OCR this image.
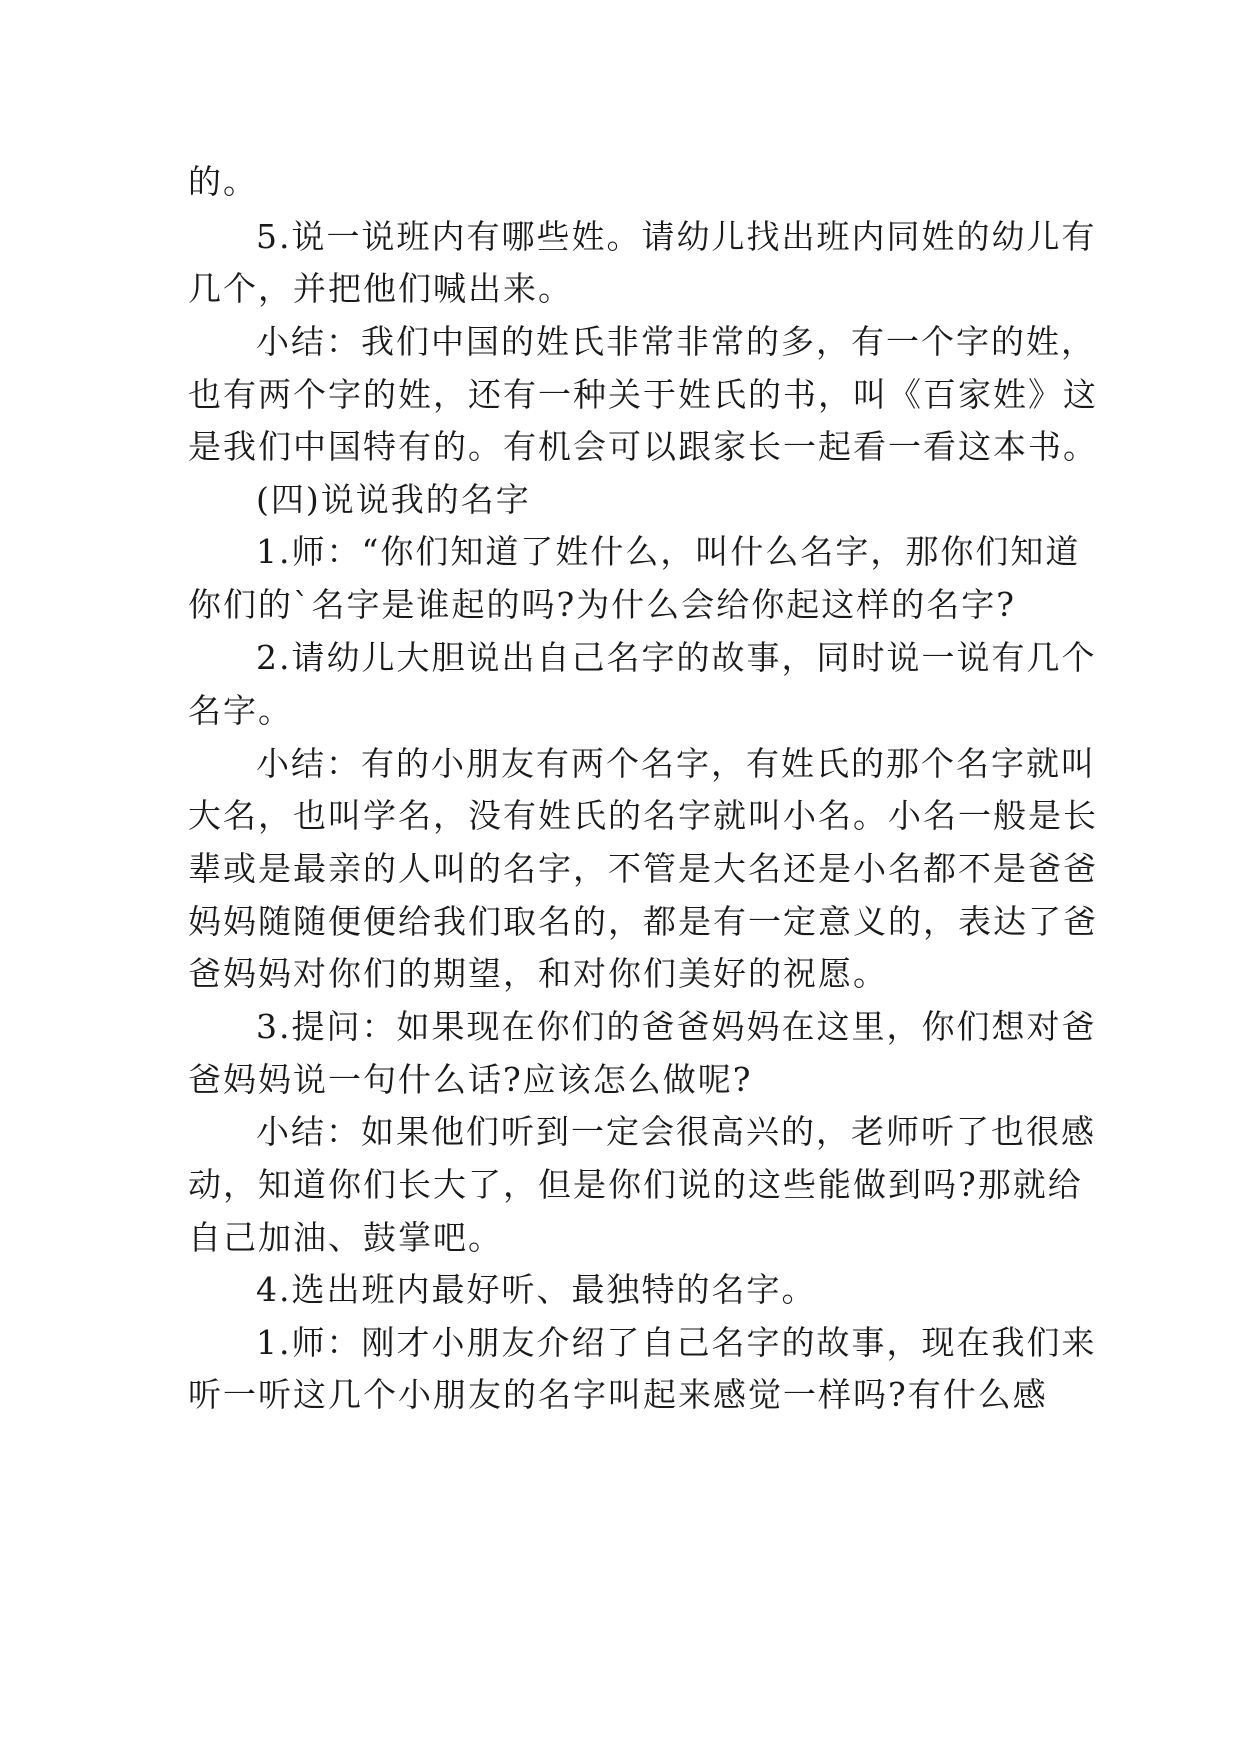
的。
5.说一说班内有哪些姓。请幼儿找出班内同姓的幼儿有
几个，并把他们喊出来。
小结：我们中国的姓氏非常非常的多，有一个字的姓，
也有两个字的姓，还有一种关于姓氏的书，叫《百家姓》这
是我们中国特有的。有机会可以跟家长一起看一看这本书。
(四)说说我的名字
1.师：“你们知道了姓什么，叫什么名字，那你们知道
你们的`名字是谁起的吗?为什么会给你起这样的名字?
2.请幼儿大胆说出自己名字的故事，同时说一说有几个
名字。
小结：有的小朋友有两个名字，有姓氏的那个名字就叫
大名，也叫学名，没有姓氏的名字就叫小名。小名一般是长
辈或是最亲的人叫的名字，不管是大名还是小名都不是爸爸
妈妈随随便便给我们取名的，都是有一定意义的，表达了爸
爸妈妈对你们的期望，和对你们美好的祝愿。
3.提问：如果现在你们的爸爸妈妈在这里，你们想对爸
爸妈妈说一句什么话?应该怎么做呢?
小结：如果他们听到一定会很高兴的，老师听了也很感
动，知道你们长大了，但是你们说的这些能做到吗?那就给
自己加油、鼓掌吧。
4.选出班内最好听、最独特的名字。
1.师：刚才小朋友介绍了自己名字的故事，现在我们来
听一听这几个小朋友的名字叫起来感觉一样吗?有什么感
